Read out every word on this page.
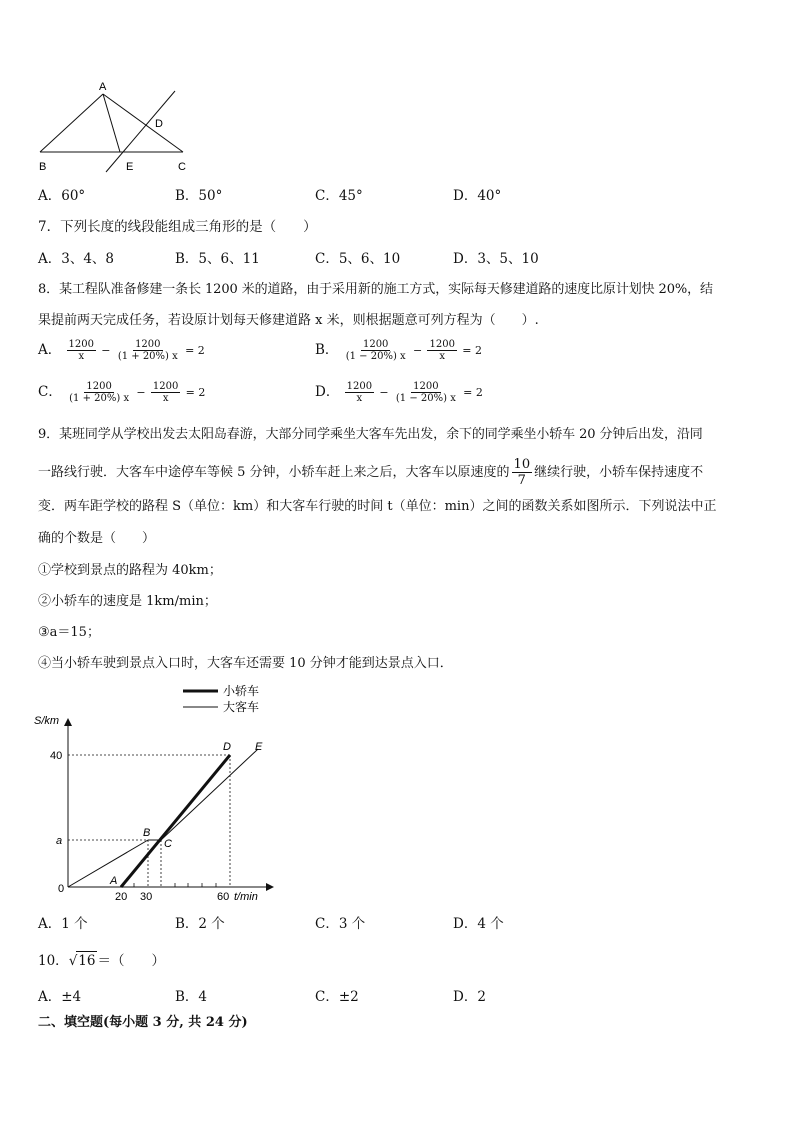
A
B	C
D
E
A．60°	B．50°	C．45°	D．40°
7．下列长度的线段能组成三角形的是（　　）
A．3、4、8	B．5、6、11	C．5、6、10	D．3、5、10
8．某工程队准备修建一条长 1200 米的道路，由于采用新的施工方式，实际每天修建道路的速度比原计划快 20%，结
果提前两天完成任务，若设原计划每天修建道路 x 米，则根据题意可列方程为（　　）.
A． $\frac{1200}{x} - \frac{1200}{(1 + 20\%) x} = 2$	B． $\frac{1200}{(1 - 20\%) x} - \frac{1200}{x} = 2$
C． $\frac{1200}{(1 + 20\%) x} - \frac{1200}{x} = 2$	D． $\frac{1200}{x} - \frac{1200}{(1 - 20\%) x} = 2$
9．某班同学从学校出发去太阳岛春游，大部分同学乘坐大客车先出发，余下的同学乘坐小轿车 20 分钟后出发，沿同
一路线行驶．大客车中途停车等候 5 分钟，小轿车赶上来之后，大客车以原速度的 $\frac{10}{7}$ 继续行驶，小轿车保持速度不
变．两车距学校的路程 S（单位：km）和大客车行驶的时间 t（单位：min）之间的函数关系如图所示．下列说法中正
确的个数是（　　）
①学校到景点的路程为 40km；
②小轿车的速度是 1km/min；
③a＝15；
④当小轿车驶到景点入口时，大客车还需要 10 分钟才能到达景点入口．
小轿车
大客车
S/km
t/min
40
a
0
20 30	60
A
B
C
D E
A．1 个	B．2 个	C．3 个	D．4 个
10．√16 ＝（　　）
A．±4	B．4	C．±2	D．2
二、填空题(每小题 3 分, 共 24 分)
